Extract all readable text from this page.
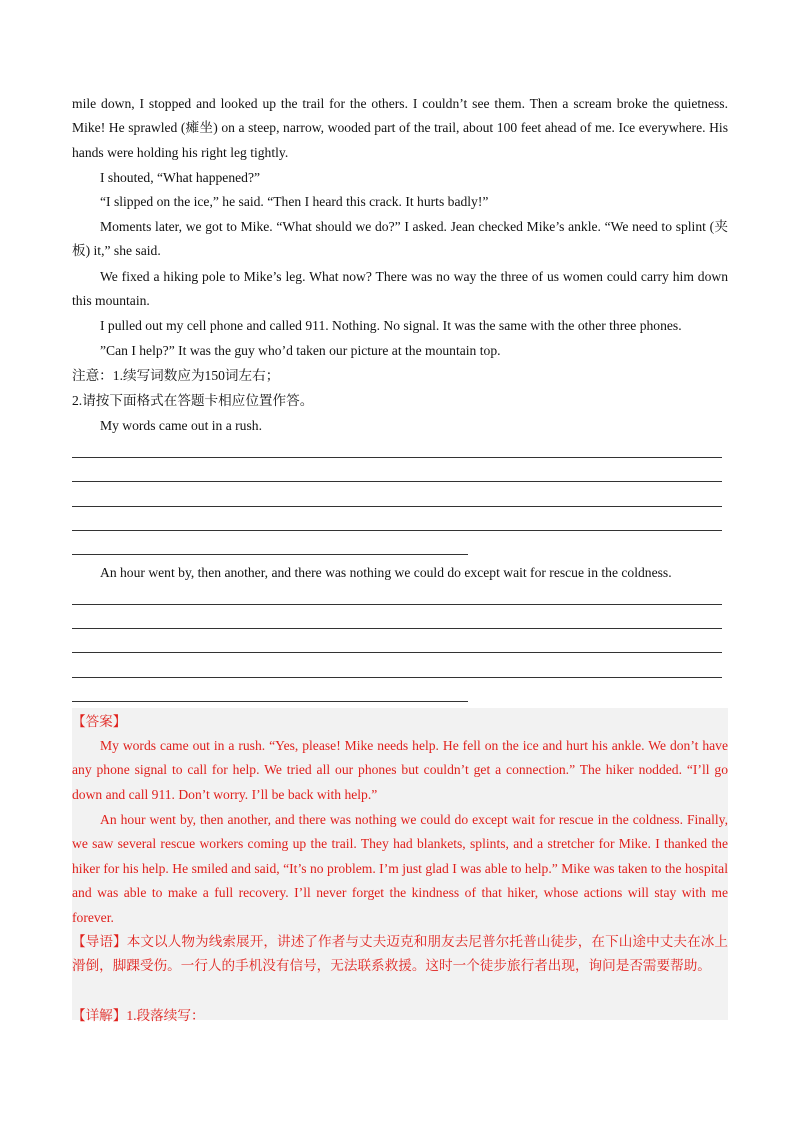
mile down, I stopped and looked up the trail for the others. I couldn’t see them. Then a scream broke the quietness. Mike! He sprawled (瘫坐) on a steep, narrow, wooded part of the trail, about 100 feet ahead of me. Ice everywhere. His hands were holding his right leg tightly.

I shouted, “What happened?”

“I slipped on the ice,” he said. “Then I heard this crack. It hurts badly!”

Moments later, we got to Mike. “What should we do?” I asked. Jean checked Mike’s ankle. “We need to splint (夹板) it,” she said.

We fixed a hiking pole to Mike’s leg. What now? There was no way the three of us women could carry him down this mountain.

I pulled out my cell phone and called 911. Nothing. No signal. It was the same with the other three phones.

”Can I help?” It was the guy who’d taken our picture at the mountain top.

注意：1.续写词数应为150词左右；

2.请按下面格式在答题卡相应位置作答。

My words came out in a rush.

An hour went by, then another, and there was nothing we could do except wait for rescue in the coldness.

【答案】

My words came out in a rush. “Yes, please! Mike needs help. He fell on the ice and hurt his ankle. We don’t have any phone signal to call for help. We tried all our phones but couldn’t get a connection.” The hiker nodded. “I’ll go down and call 911. Don’t worry. I’ll be back with help.”

An hour went by, then another, and there was nothing we could do except wait for rescue in the coldness. Finally, we saw several rescue workers coming up the trail. They had blankets, splints, and a stretcher for Mike. I thanked the hiker for his help. He smiled and said, “It’s no problem. I’m just glad I was able to help.” Mike was taken to the hospital and was able to make a full recovery. I’ll never forget the kindness of that hiker, whose actions will stay with me forever.

【导语】本文以人物为线索展开，讲述了作者与丈夫迈克和朋友去尼普尔托普山徒步，在下山途中丈夫在冰上滑倒，脚踝受伤。一行人的手机没有信号，无法联系救援。这时一个徒步旅行者出现，询问是否需要帮助。

【详解】1.段落续写：
